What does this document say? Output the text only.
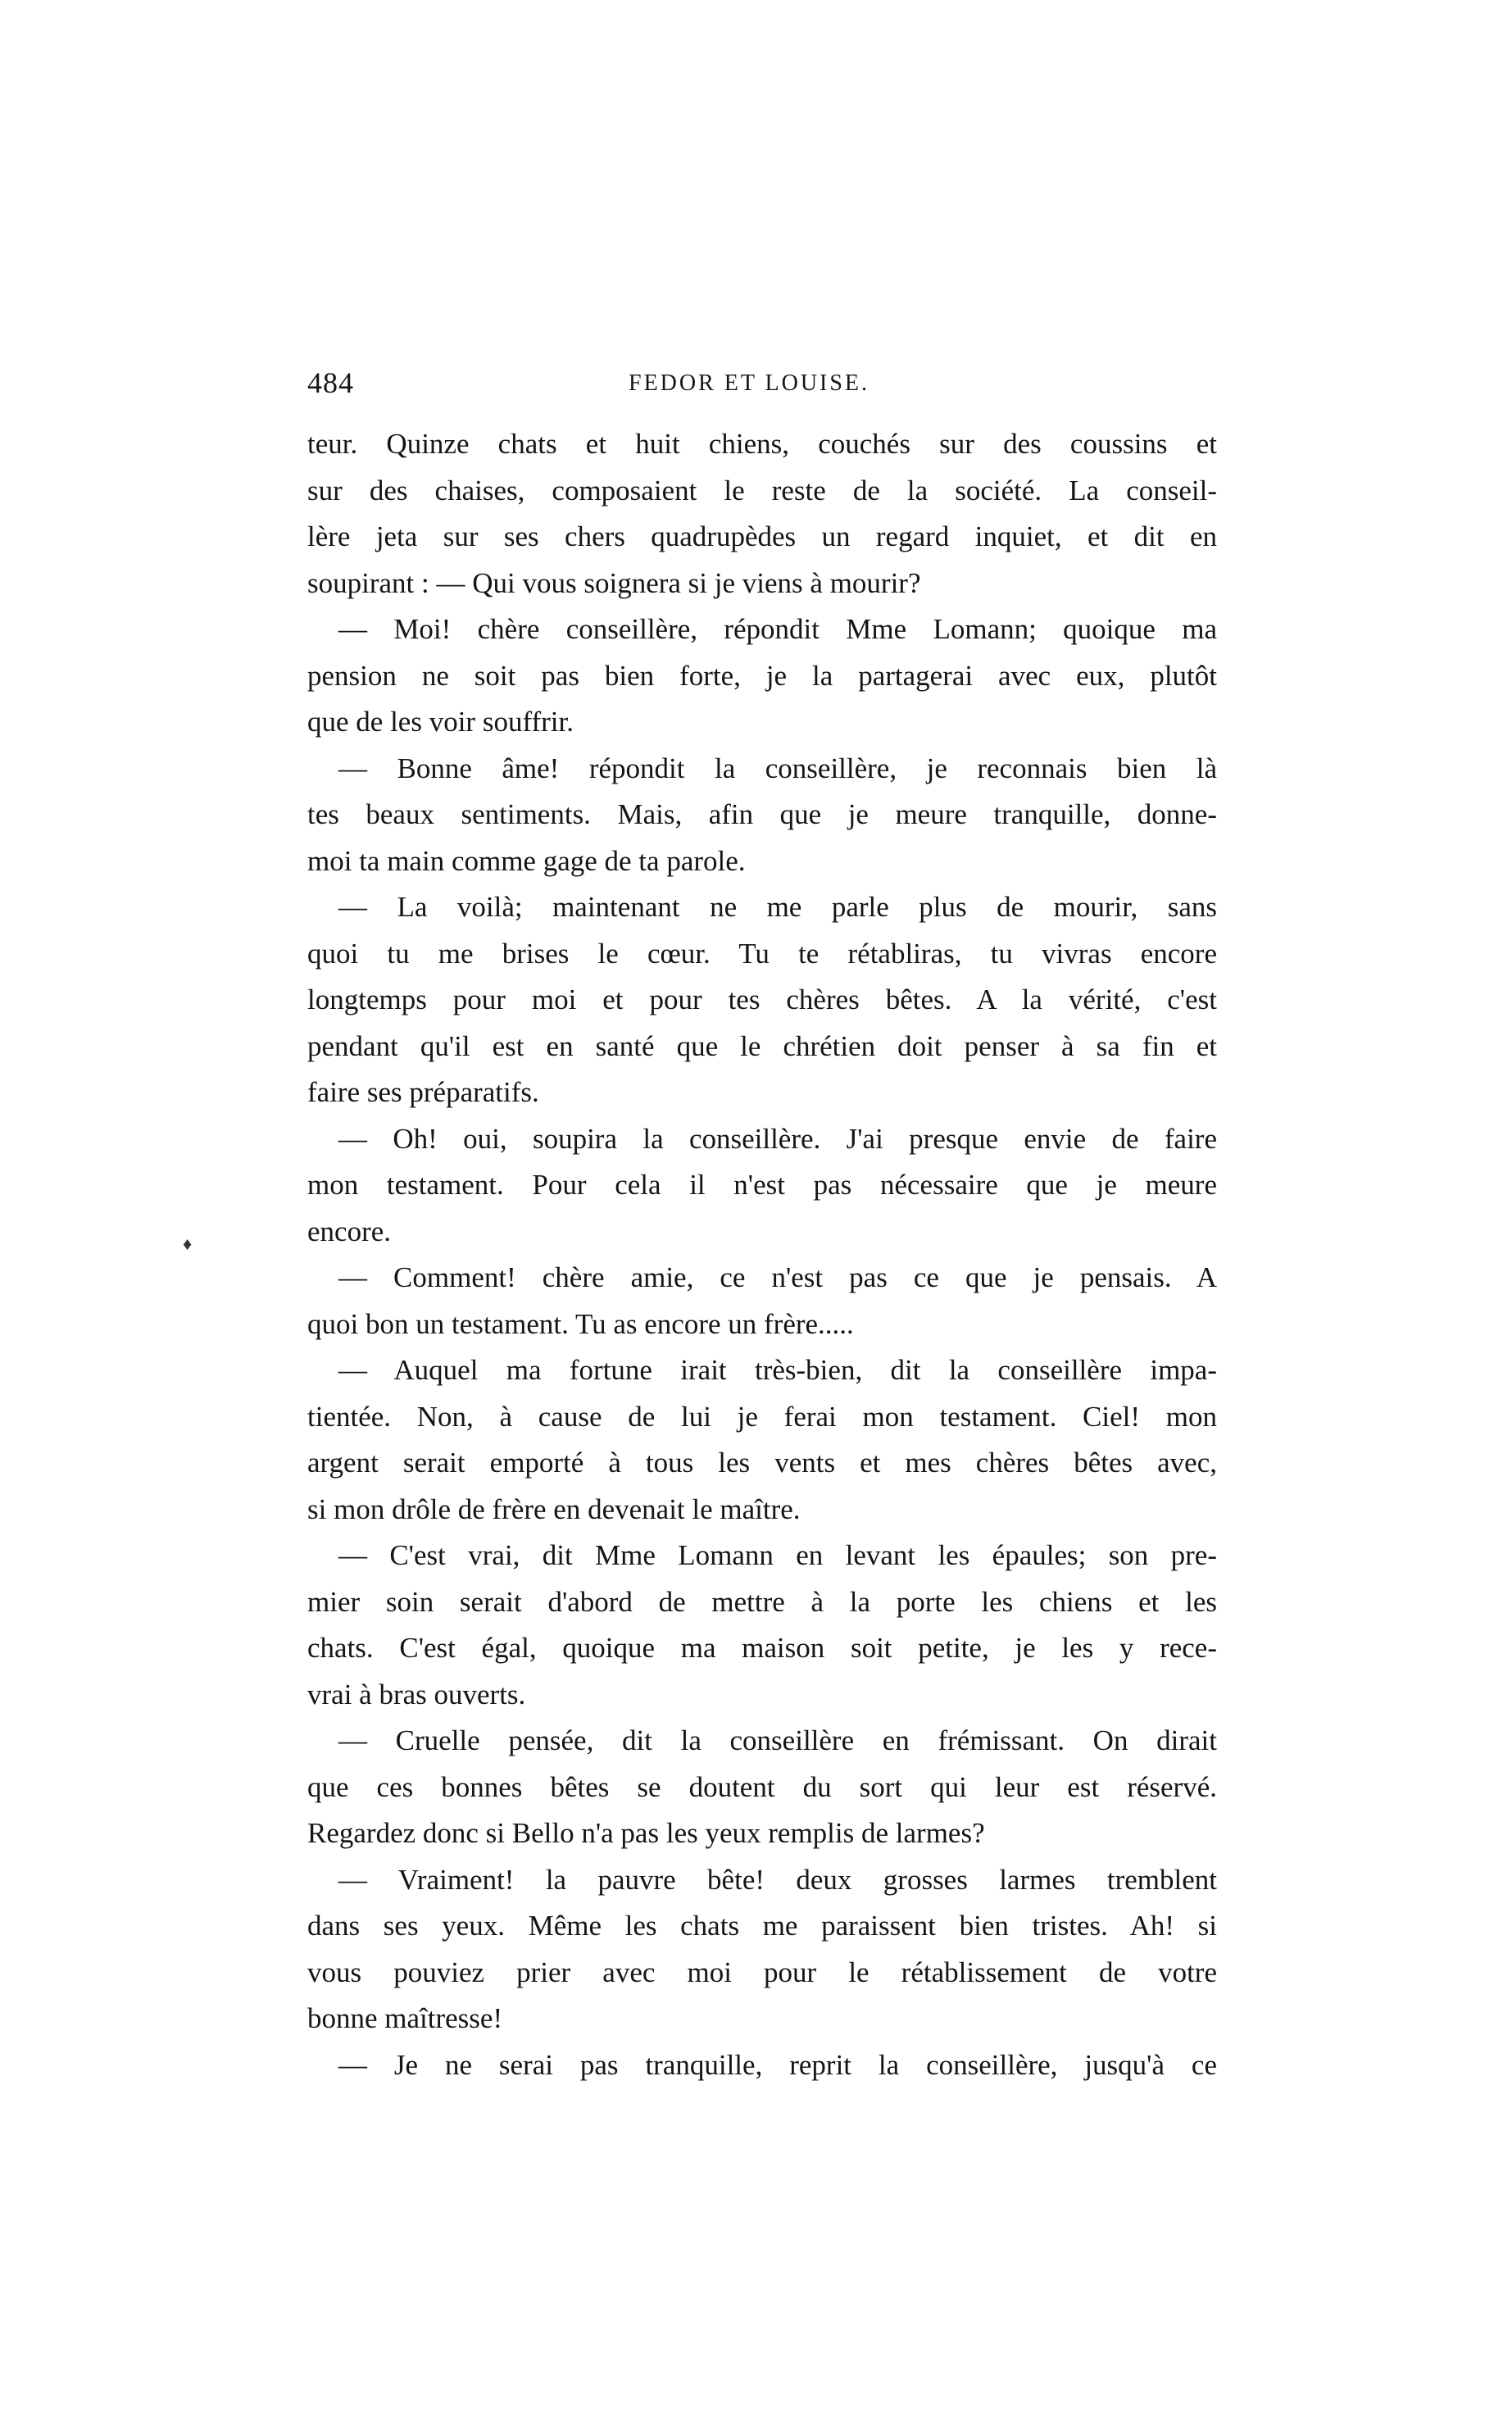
484	FEDOR ET LOUISE.
♦
teur. Quinze chats et huit chiens, couchés sur des coussins et
sur des chaises, composaient le reste de la société. La conseil-
lère jeta sur ses chers quadrupèdes un regard inquiet, et dit en
soupirant : — Qui vous soignera si je viens à mourir?
— Moi! chère conseillère, répondit Mme Lomann; quoique ma
pension ne soit pas bien forte, je la partagerai avec eux, plutôt
que de les voir souffrir.
— Bonne âme! répondit la conseillère, je reconnais bien là
tes beaux sentiments. Mais, afin que je meure tranquille, donne-
moi ta main comme gage de ta parole.
— La voilà; maintenant ne me parle plus de mourir, sans
quoi tu me brises le cœur. Tu te rétabliras, tu vivras encore
longtemps pour moi et pour tes chères bêtes. A la vérité, c'est
pendant qu'il est en santé que le chrétien doit penser à sa fin et
faire ses préparatifs.
— Oh! oui, soupira la conseillère. J'ai presque envie de faire
mon testament. Pour cela il n'est pas nécessaire que je meure
encore.
— Comment! chère amie, ce n'est pas ce que je pensais. A
quoi bon un testament. Tu as encore un frère.....
— Auquel ma fortune irait très-bien, dit la conseillère impa-
tientée. Non, à cause de lui je ferai mon testament. Ciel! mon
argent serait emporté à tous les vents et mes chères bêtes avec,
si mon drôle de frère en devenait le maître.
— C'est vrai, dit Mme Lomann en levant les épaules; son pre-
mier soin serait d'abord de mettre à la porte les chiens et les
chats. C'est égal, quoique ma maison soit petite, je les y rece-
vrai à bras ouverts.
— Cruelle pensée, dit la conseillère en frémissant. On dirait
que ces bonnes bêtes se doutent du sort qui leur est réservé.
Regardez donc si Bello n'a pas les yeux remplis de larmes?
— Vraiment! la pauvre bête! deux grosses larmes tremblent
dans ses yeux. Même les chats me paraissent bien tristes. Ah! si
vous pouviez prier avec moi pour le rétablissement de votre
bonne maîtresse!
— Je ne serai pas tranquille, reprit la conseillère, jusqu'à ce
